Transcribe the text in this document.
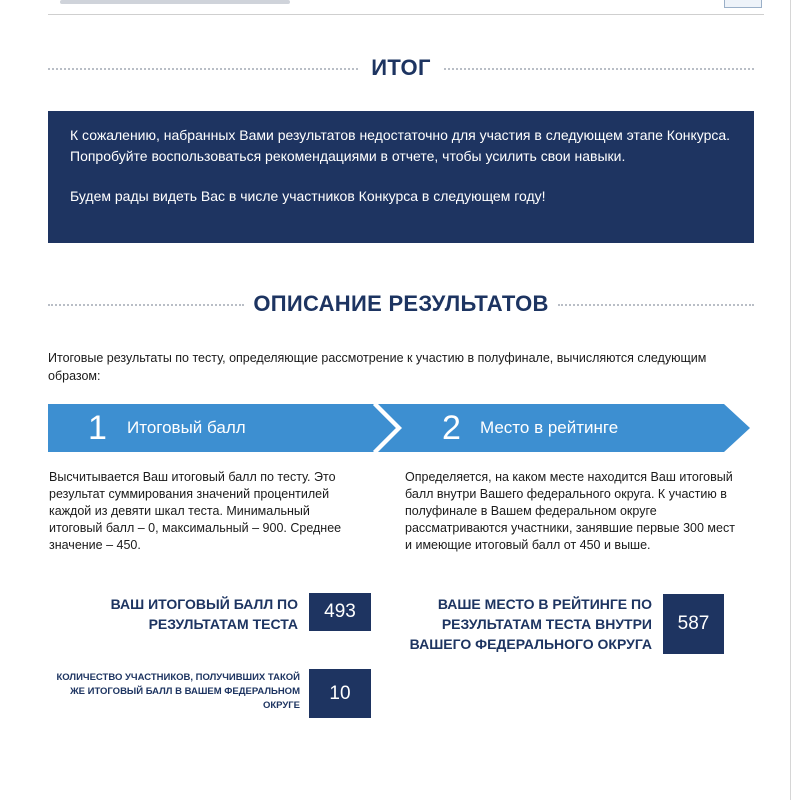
ИТОГ

К сожалению, набранных Вами результатов недостаточно для участия в следующем этапе Конкурса. Попробуйте воспользоваться рекомендациями в отчете, чтобы усилить свои навыки.

Будем рады видеть Вас в числе участников Конкурса в следующем году!

ОПИСАНИЕ РЕЗУЛЬТАТОВ
Итоговые результаты по тесту, определяющие рассмотрение к участию в полуфинале, вычисляются следующим образом:
1 Итоговый балл	2 Место в рейтинге
Высчитывается Ваш итоговый балл по тесту. Это результат суммирования значений процентилей каждой из девяти шкал теста. Минимальный итоговый балл – 0, максимальный – 900. Среднее значение – 450.
Определяется, на каком месте находится Ваш итоговый балл внутри Вашего федерального округа. К участию в полуфинале в Вашем федеральном округе рассматриваются участники, занявшие первые 300 мест и имеющие итоговый балл от 450 и выше.
ВАШ ИТОГОВЫЙ БАЛЛ ПО РЕЗУЛЬТАТАМ ТЕСТА
493
КОЛИЧЕСТВО УЧАСТНИКОВ, ПОЛУЧИВШИХ ТАКОЙ ЖЕ ИТОГОВЫЙ БАЛЛ В ВАШЕМ ФЕДЕРАЛЬНОМ ОКРУГЕ
10
ВАШЕ МЕСТО В РЕЙТИНГЕ ПО РЕЗУЛЬТАТАМ ТЕСТА ВНУТРИ ВАШЕГО ФЕДЕРАЛЬНОГО ОКРУГА
587
